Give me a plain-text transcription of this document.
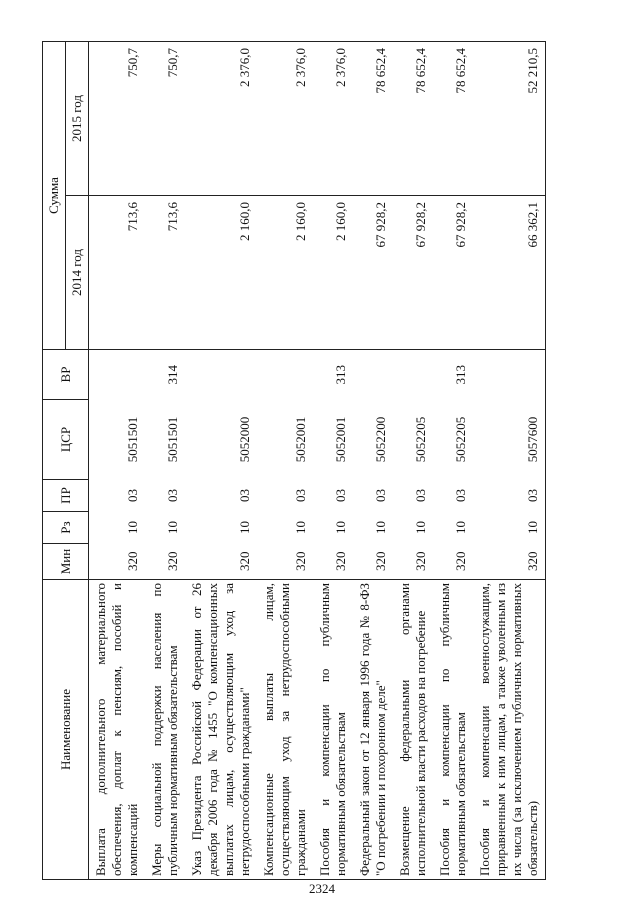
2324
Наименование	Мин	Рз	ПР	ЦСР	ВР	Сумма	
						2014 год	2015 год
Выплата дополнительного материального обеспечения, доплат к пенсиям, пособий и компенсаций	320	10	03	5051501		713,6	750,7
Меры социальной поддержки населения по публичным нормативным обязательствам	320	10	03	5051501	314	713,6	750,7
Указ Президента Российской Федерации от 26 декабря 2006 года № 1455 "О компенсационных выплатах лицам, осуществляющим уход за нетрудоспособными гражданами"	320	10	03	5052000		2 160,0	2 376,0
Компенсационные выплаты лицам, осуществляющим уход за нетрудоспособными гражданами	320	10	03	5052001		2 160,0	2 376,0
Пособия и компенсации по публичным нормативным обязательствам	320	10	03	5052001	313	2 160,0	2 376,0
Федеральный закон от 12 января 1996 года № 8-ФЗ "О погребении и похоронном деле"	320	10	03	5052200		67 928,2	78 652,4
Возмещение федеральными органами исполнительной власти расходов на погребение	320	10	03	5052205		67 928,2	78 652,4
Пособия и компенсации по публичным нормативным обязательствам	320	10	03	5052205	313	67 928,2	78 652,4
Пособия и компенсации военнослужащим, приравненным к ним лицам, а также уволенным из их числа (за исключением публичных нормативных обязательств)	320	10	03	5057600		66 362,1	52 210,5
